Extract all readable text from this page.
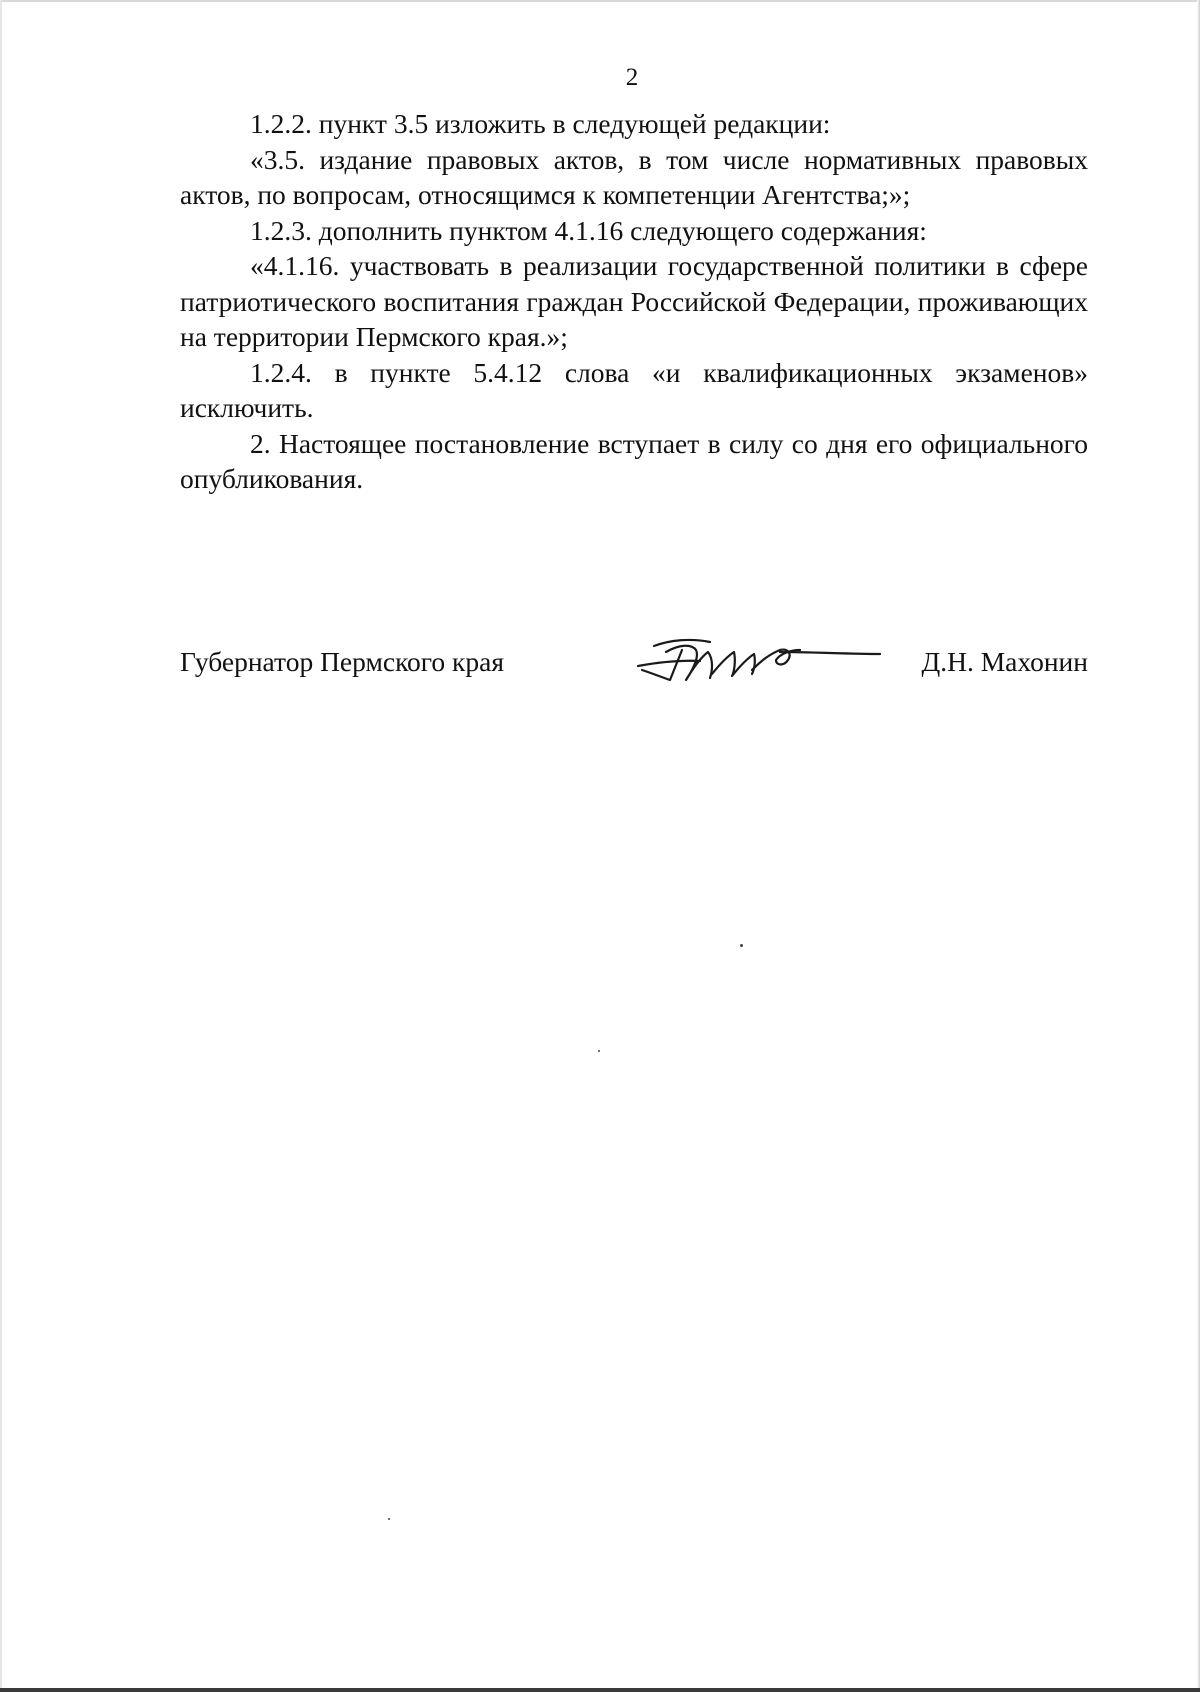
2

1.2.2. пункт 3.5 изложить в следующей редакции:

«3.5. издание правовых актов, в том числе нормативных правовых актов, по вопросам, относящимся к компетенции Агентства;»;

1.2.3. дополнить пунктом 4.1.16 следующего содержания:

«4.1.16. участвовать в реализации государственной политики в сфере патриотического воспитания граждан Российской Федерации, проживающих на территории Пермского края.»;

1.2.4. в пункте 5.4.12 слова «и квалификационных экзаменов» исключить.

2. Настоящее постановление вступает в силу со дня его официального опубликования.

Губернатор Пермского края	Д.Н. Махонин
